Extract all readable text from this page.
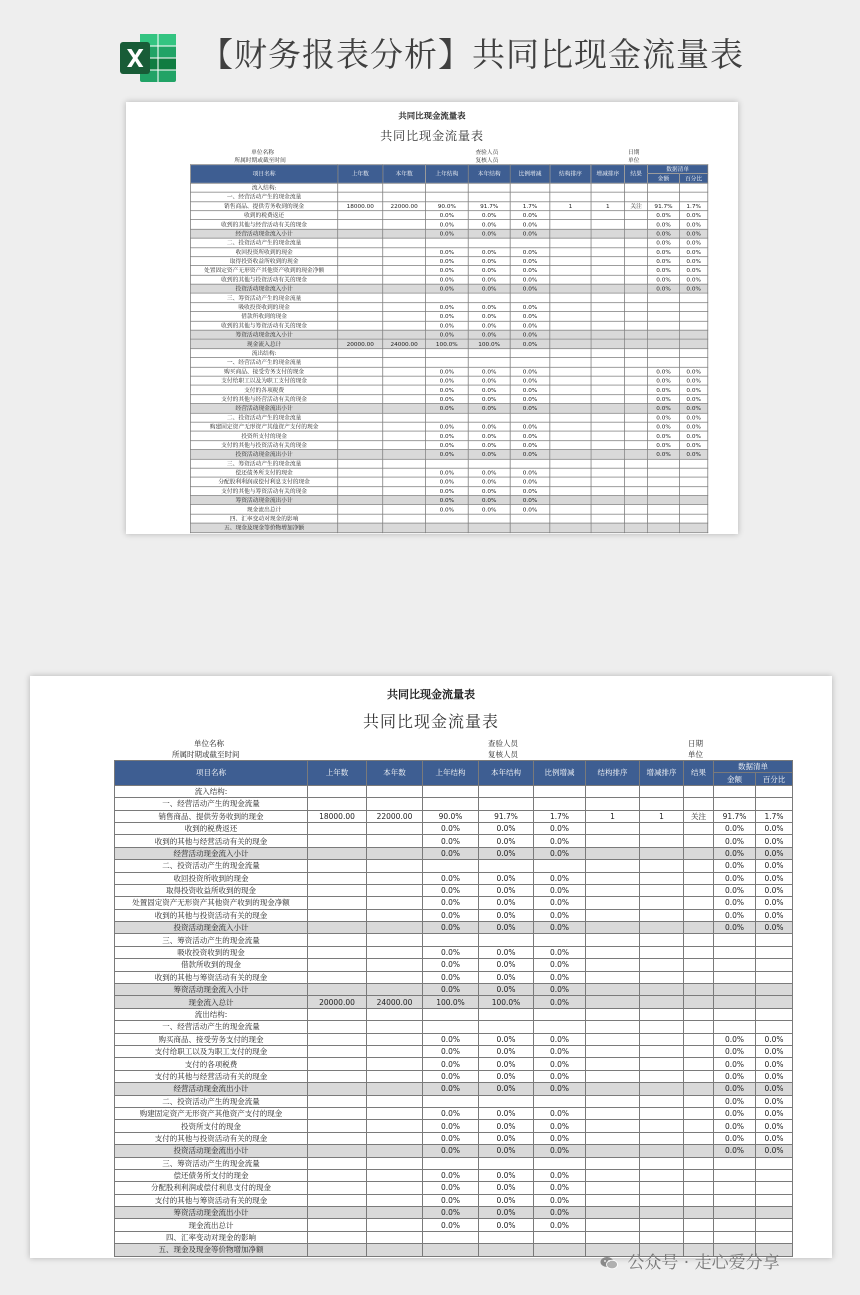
【财务报表分析】共同比现金流量表
共同比现金流量表
共同比现金流量表
单位名称
所属时期或截至时间
查验人员
复核人员
日期
单位
项目名称	上年数	本年数	上年结构	本年结构	比例增减	结构排序	增减排序	结果	数据清单	
									金额	百分比
流入结构:										
一、经营活动产生的现金流量										
销售商品、提供劳务收到的现金	18000.00	22000.00	90.0%	91.7%	1.7%	1	1	关注	91.7%	1.7%
收到的税费返还			0.0%	0.0%	0.0%				0.0%	0.0%
收到的其他与经营活动有关的现金			0.0%	0.0%	0.0%				0.0%	0.0%
经营活动现金流入小计			0.0%	0.0%	0.0%				0.0%	0.0%
二、投资活动产生的现金流量									0.0%	0.0%
收回投资所收到的现金			0.0%	0.0%	0.0%				0.0%	0.0%
取得投资收益所收到的现金			0.0%	0.0%	0.0%				0.0%	0.0%
处置固定资产无形资产其他资产收到的现金净额			0.0%	0.0%	0.0%				0.0%	0.0%
收到的其他与投资活动有关的现金			0.0%	0.0%	0.0%				0.0%	0.0%
投资活动现金流入小计			0.0%	0.0%	0.0%				0.0%	0.0%
三、筹资活动产生的现金流量										
吸收投资收到的现金			0.0%	0.0%	0.0%					
借款所收到的现金			0.0%	0.0%	0.0%					
收到的其他与筹资活动有关的现金			0.0%	0.0%	0.0%					
筹资活动现金流入小计			0.0%	0.0%	0.0%					
现金流入总计	20000.00	24000.00	100.0%	100.0%	0.0%					
流出结构:										
一、经营活动产生的现金流量										
购买商品、接受劳务支付的现金			0.0%	0.0%	0.0%				0.0%	0.0%
支付给职工以及为职工支付的现金			0.0%	0.0%	0.0%				0.0%	0.0%
支付的各项税费			0.0%	0.0%	0.0%				0.0%	0.0%
支付的其他与经营活动有关的现金			0.0%	0.0%	0.0%				0.0%	0.0%
经营活动现金流出小计			0.0%	0.0%	0.0%				0.0%	0.0%
二、投资活动产生的现金流量									0.0%	0.0%
购建固定资产无形资产其他资产支付的现金			0.0%	0.0%	0.0%				0.0%	0.0%
投资所支付的现金			0.0%	0.0%	0.0%				0.0%	0.0%
支付的其他与投资活动有关的现金			0.0%	0.0%	0.0%				0.0%	0.0%
投资活动现金流出小计			0.0%	0.0%	0.0%				0.0%	0.0%
三、筹资活动产生的现金流量										
偿还债务所支付的现金			0.0%	0.0%	0.0%					
分配股利利润或偿付利息支付的现金			0.0%	0.0%	0.0%					
支付的其他与筹资活动有关的现金			0.0%	0.0%	0.0%					
筹资活动现金流出小计			0.0%	0.0%	0.0%					
现金流出总计			0.0%	0.0%	0.0%					
四、汇率变动对现金的影响										
五、现金及现金等价物增加净额										
共同比现金流量表
共同比现金流量表
单位名称
所属时期或截至时间
查验人员
复核人员
日期
单位
项目名称	上年数	本年数	上年结构	本年结构	比例增减	结构排序	增减排序	结果	数据清单	
									金额	百分比
流入结构:										
一、经营活动产生的现金流量										
销售商品、提供劳务收到的现金	18000.00	22000.00	90.0%	91.7%	1.7%	1	1	关注	91.7%	1.7%
收到的税费返还			0.0%	0.0%	0.0%				0.0%	0.0%
收到的其他与经营活动有关的现金			0.0%	0.0%	0.0%				0.0%	0.0%
经营活动现金流入小计			0.0%	0.0%	0.0%				0.0%	0.0%
二、投资活动产生的现金流量									0.0%	0.0%
收回投资所收到的现金			0.0%	0.0%	0.0%				0.0%	0.0%
取得投资收益所收到的现金			0.0%	0.0%	0.0%				0.0%	0.0%
处置固定资产无形资产其他资产收到的现金净额			0.0%	0.0%	0.0%				0.0%	0.0%
收到的其他与投资活动有关的现金			0.0%	0.0%	0.0%				0.0%	0.0%
投资活动现金流入小计			0.0%	0.0%	0.0%				0.0%	0.0%
三、筹资活动产生的现金流量										
吸收投资收到的现金			0.0%	0.0%	0.0%					
借款所收到的现金			0.0%	0.0%	0.0%					
收到的其他与筹资活动有关的现金			0.0%	0.0%	0.0%					
筹资活动现金流入小计			0.0%	0.0%	0.0%					
现金流入总计	20000.00	24000.00	100.0%	100.0%	0.0%					
流出结构:										
一、经营活动产生的现金流量										
购买商品、接受劳务支付的现金			0.0%	0.0%	0.0%				0.0%	0.0%
支付给职工以及为职工支付的现金			0.0%	0.0%	0.0%				0.0%	0.0%
支付的各项税费			0.0%	0.0%	0.0%				0.0%	0.0%
支付的其他与经营活动有关的现金			0.0%	0.0%	0.0%				0.0%	0.0%
经营活动现金流出小计			0.0%	0.0%	0.0%				0.0%	0.0%
二、投资活动产生的现金流量									0.0%	0.0%
购建固定资产无形资产其他资产支付的现金			0.0%	0.0%	0.0%				0.0%	0.0%
投资所支付的现金			0.0%	0.0%	0.0%				0.0%	0.0%
支付的其他与投资活动有关的现金			0.0%	0.0%	0.0%				0.0%	0.0%
投资活动现金流出小计			0.0%	0.0%	0.0%				0.0%	0.0%
三、筹资活动产生的现金流量										
偿还债务所支付的现金			0.0%	0.0%	0.0%					
分配股利利润或偿付利息支付的现金			0.0%	0.0%	0.0%					
支付的其他与筹资活动有关的现金			0.0%	0.0%	0.0%					
筹资活动现金流出小计			0.0%	0.0%	0.0%					
现金流出总计			0.0%	0.0%	0.0%					
四、汇率变动对现金的影响										
五、现金及现金等价物增加净额										
公众号 · 走心爱分享
